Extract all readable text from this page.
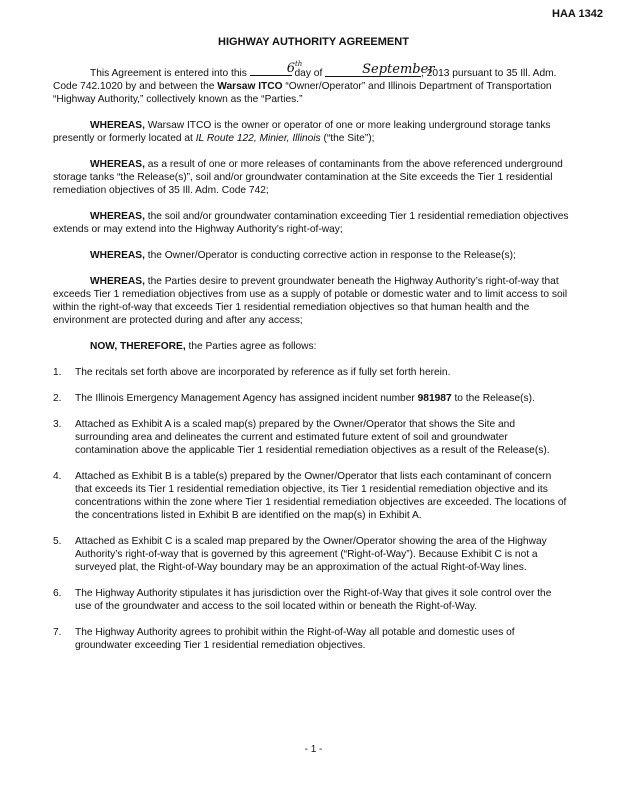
HAA 1342
HIGHWAY AUTHORITY AGREEMENT

This Agreement is entered into this	6th day of	September, 2013 pursuant to 35 Ill. Adm. Code 742.1020 by and between the Warsaw ITCO “Owner/Operator” and Illinois Department of Transportation “Highway Authority,” collectively known as the “Parties.”

WHEREAS, Warsaw ITCO is the owner or operator of one or more leaking underground storage tanks presently or formerly located at IL Route 122, Minier, Illinois (“the Site”);

WHEREAS, as a result of one or more releases of contaminants from the above referenced underground storage tanks “the Release(s)”, soil and/or groundwater contamination at the Site exceeds the Tier 1 residential remediation objectives of 35 Ill. Adm. Code 742;

WHEREAS, the soil and/or groundwater contamination exceeding Tier 1 residential remediation objectives extends or may extend into the Highway Authority’s right-of-way;

WHEREAS, the Owner/Operator is conducting corrective action in response to the Release(s);

WHEREAS, the Parties desire to prevent groundwater beneath the Highway Authority’s right-of-way that exceeds Tier 1 remediation objectives from use as a supply of potable or domestic water and to limit access to soil within the right-of-way that exceeds Tier 1 residential remediation objectives so that human health and the environment are protected during and after any access;

NOW, THEREFORE, the Parties agree as follows:

1. The recitals set forth above are incorporated by reference as if fully set forth herein.

2. The Illinois Emergency Management Agency has assigned incident number 981987 to the Release(s).

3. Attached as Exhibit A is a scaled map(s) prepared by the Owner/Operator that shows the Site and surrounding area and delineates the current and estimated future extent of soil and groundwater contamination above the applicable Tier 1 residential remediation objectives as a result of the Release(s).

4. Attached as Exhibit B is a table(s) prepared by the Owner/Operator that lists each contaminant of concern that exceeds its Tier 1 residential remediation objective, its Tier 1 residential remediation objective and its concentrations within the zone where Tier 1 residential remediation objectives are exceeded. The locations of the concentrations listed in Exhibit B are identified on the map(s) in Exhibit A.

5. Attached as Exhibit C is a scaled map prepared by the Owner/Operator showing the area of the Highway Authority’s right-of-way that is governed by this agreement (“Right-of-Way”). Because Exhibit C is not a surveyed plat, the Right-of-Way boundary may be an approximation of the actual Right-of-Way lines.

6. The Highway Authority stipulates it has jurisdiction over the Right-of-Way that gives it sole control over the use of the groundwater and access to the soil located within or beneath the Right-of-Way.

7. The Highway Authority agrees to prohibit within the Right-of-Way all potable and domestic uses of groundwater exceeding Tier 1 residential remediation objectives.

- 1 -
